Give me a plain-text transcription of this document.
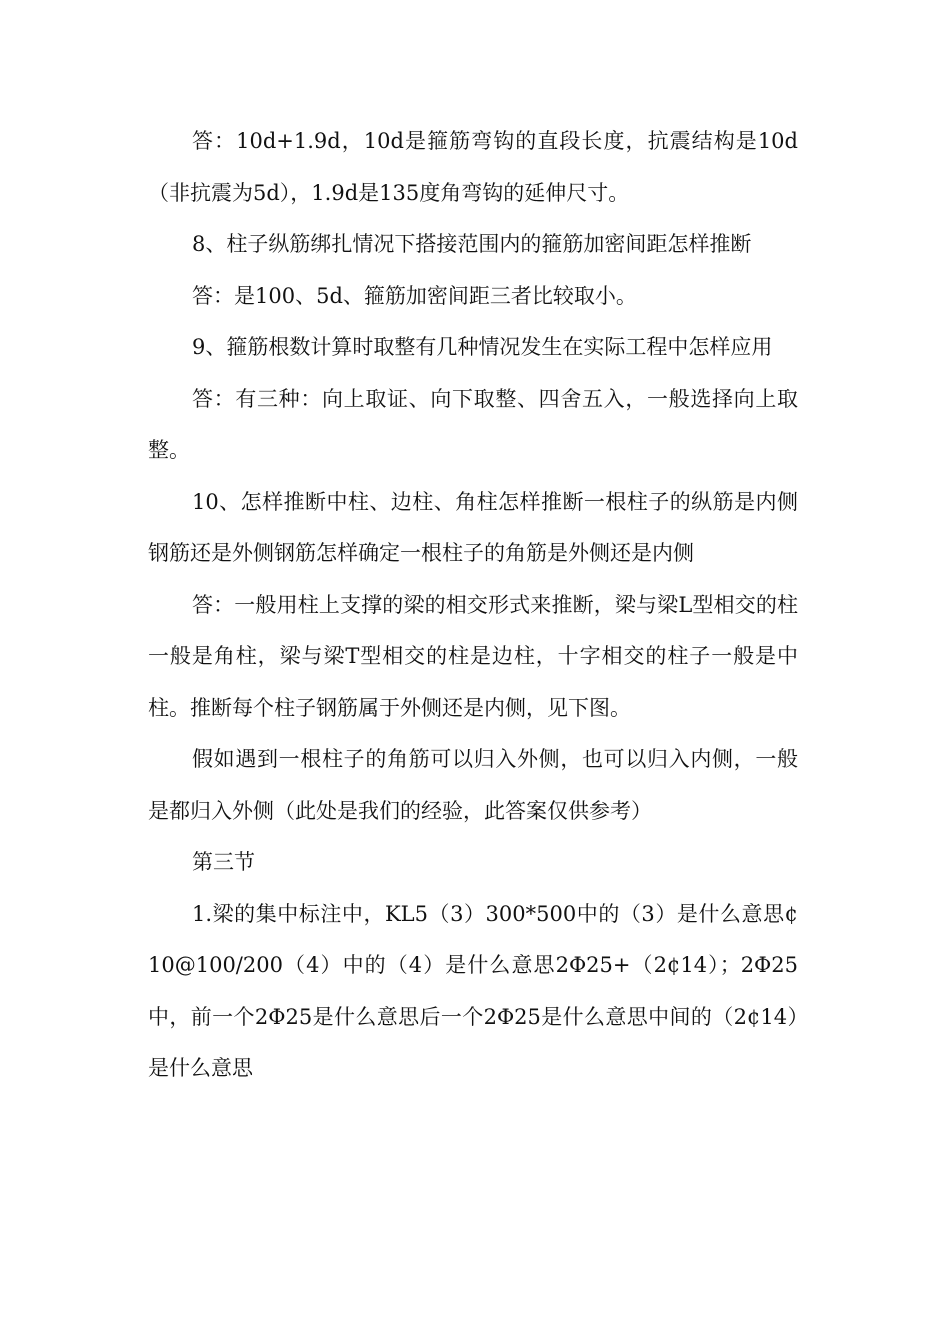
答：10d+1.9d，10d是箍筋弯钩的直段长度，抗震结构是10d（非抗震为5d），1.9d是135度角弯钩的延伸尺寸。

8、柱子纵筋绑扎情况下搭接范围内的箍筋加密间距怎样推断

答：是100、5d、箍筋加密间距三者比较取小。

9、箍筋根数计算时取整有几种情况发生在实际工程中怎样应用

答：有三种：向上取证、向下取整、四舍五入，一般选择向上取整。

10、怎样推断中柱、边柱、角柱怎样推断一根柱子的纵筋是内侧钢筋还是外侧钢筋怎样确定一根柱子的角筋是外侧还是内侧

答：一般用柱上支撑的梁的相交形式来推断，梁与梁L型相交的柱一般是角柱，梁与梁T型相交的柱是边柱，十字相交的柱子一般是中柱。推断每个柱子钢筋属于外侧还是内侧，见下图。

假如遇到一根柱子的角筋可以归入外侧，也可以归入内侧，一般是都归入外侧（此处是我们的经验，此答案仅供参考）

第三节

1.梁的集中标注中，KL5（3）300*500中的（3）是什么意思¢10@100/200（4）中的（4）是什么意思2Φ25+（2¢14）；2Φ25中，前一个2Φ25是什么意思后一个2Φ25是什么意思中间的（2¢14）是什么意思
